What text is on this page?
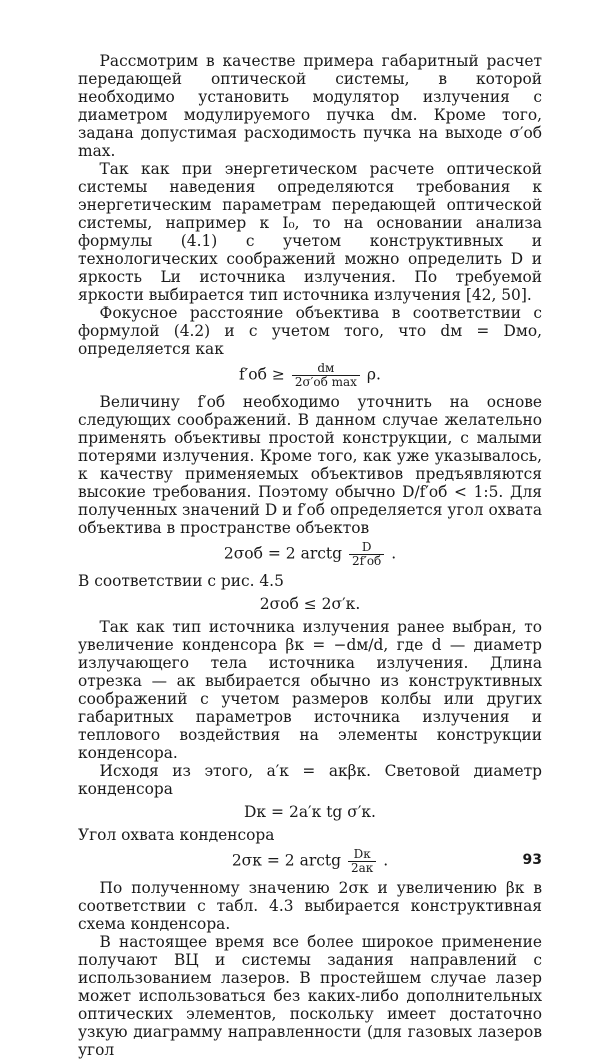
Рассмотрим в качестве примера габаритный расчет передающей оптической системы, в которой необходимо установить модулятор излучения с диаметром модулируемого пучка dм. Кроме того, задана допустимая расходимость пучка на выходе σ′об max.

Так как при энергетическом расчете оптической системы наведения определяются требования к энергетическим параметрам передающей оптической системы, например к I₀, то на основании анализа формулы (4.1) с учетом конструктивных и технологических соображений можно определить D и яркость Lи источника излучения. По требуемой яркости выбирается тип источника излучения [42, 50].

Фокусное расстояние объектива в соответствии с формулой (4.2) и с учетом того, что dм = Dмо, определяется как

$f'об \ge \frac{dм}{\text{2σ′об max}} \rho$.

Величину f′об необходимо уточнить на основе следующих соображений. В данном случае желательно применять объективы простой конструкции, с малыми потерями излучения. Кроме того, как уже указывалось, к качеству применяемых объективов предъявляются высокие требования. Поэтому обычно D/f′об < 1:5. Для полученных значений D и f′об определяется угол охвата объектива в пространстве объектов

2σоб = 2 arctg $\frac{D}{2f'об}$ .

В соответствии с рис. 4.5

2σоб ≤ 2σ′к.

Так как тип источника излучения ранее выбран, то увеличение конденсора βк = −dм/d, где d — диаметр излучающего тела источника излучения. Длина отрезка — aк выбирается обычно из конструктивных соображений с учетом размеров колбы или других габаритных параметров источника излучения и теплового воздействия на элементы конструкции конденсора.

Исходя из этого, a′к = aкβк. Световой диаметр конденсора

Dк = 2a′к tg σ′к.

Угол охвата конденсора

2σк = 2 arctg $\frac{Dк}{2aк}$ .

По полученному значению 2σк и увеличению βк в соответствии с табл. 4.3 выбирается конструктивная схема конденсора.

В настоящее время все более широкое применение получают ВЦ и системы задания направлений с использованием лазеров. В простейшем случае лазер может использоваться без каких-либо дополнительных оптических элементов, поскольку имеет достаточно узкую диаграмму направленности (для газовых лазеров угол

93
